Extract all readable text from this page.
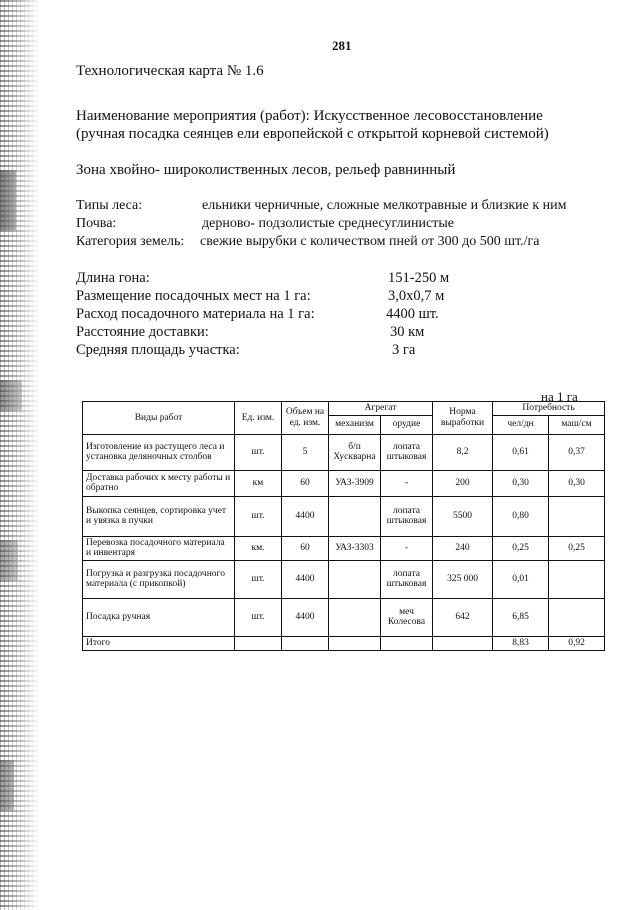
281
Технологическая карта № 1.6
Наименование мероприятия (работ): Искусственное лесовосстановление
(ручная посадка сеянцев ели европейской с открытой корневой системой)
Зона хвойно- широколиственных лесов, рельеф равнинный
Типы леса:	ельники черничные, сложные мелкотравные и близкие к ним
Почва:	дерново- подзолистые среднесуглинистые
Категория земель: свежие вырубки с количеством пней от 300 до 500 шт./га
Длина гона:	151-250 м
Размещение посадочных мест на 1 га:	3,0х0,7 м
Расход посадочного материала на 1 га:	4400 шт.
Расстояние доставки:	30 км
Средняя площадь участка:	3 га
на 1 га
Виды работ	Ед. изм.	Объем на ед. изм.	Агрегат		Норма выработки	Потребность	
			механизм	орудие		чел/дн	маш/см
Изготовление из растущего леса и установка деляночных столбов	шт.	5	б/п Хускварна	лопата штыковая	8,2	0,61	0,37
Доставка рабочих к месту работы и обратно	км	60	УАЗ-3909	-	200	0,30	0,30
Выкопка сеянцев, сортировка учет и увязка в пучки	шт.	4400		лопата штыковая	5500	0,80	
Перевозка посадочного материала и инвентаря	км.	60	УАЗ-3303	-	240	0,25	0,25
Погрузка и разгрузка посадочного материала (с прикопкой)	шт.	4400		лопата штыковая	325 000	0,01	
Посадка ручная	шт.	4400		меч Колесова	642	6,85	
Итого						8,83	0,92
